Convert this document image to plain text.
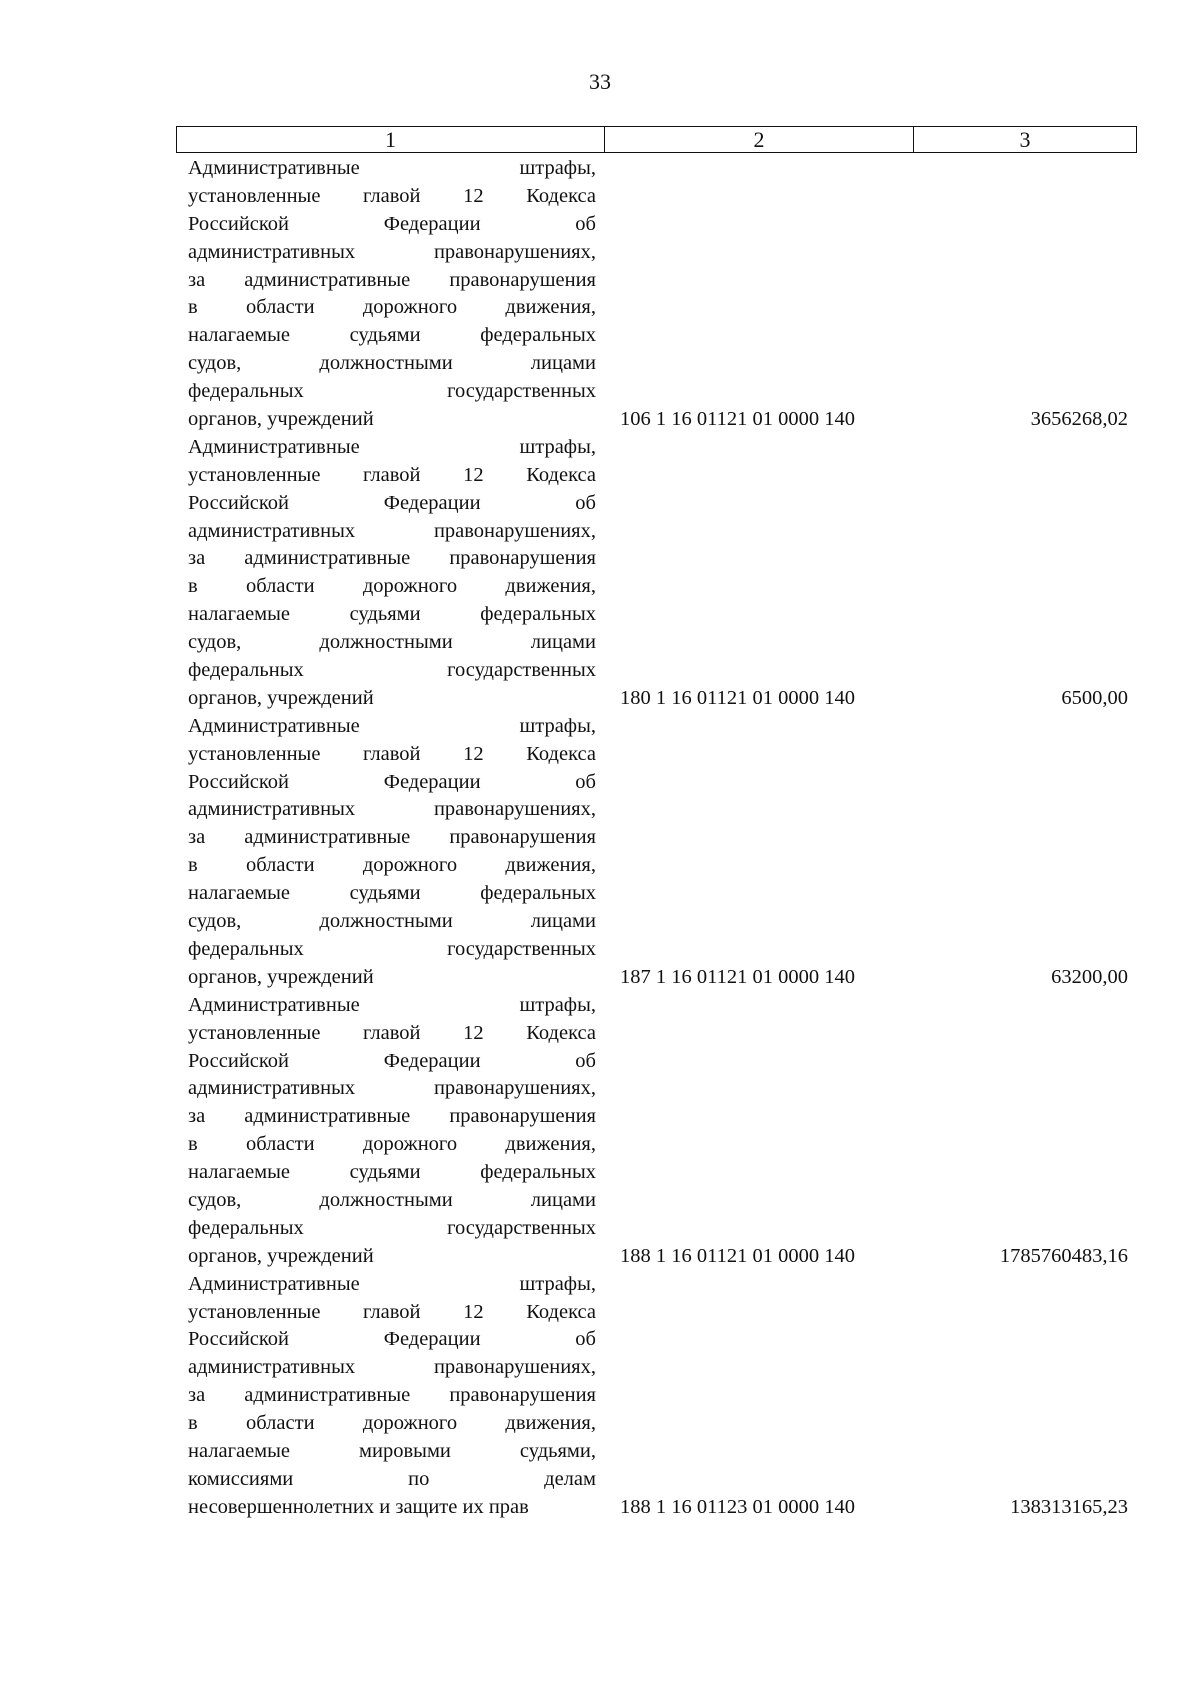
33
1	2	3
Административные	штрафы,
установленные главой 12 Кодекса
Российской	Федерации	об
административных	правонарушениях,
за административные правонарушения
в области дорожного движения,
налагаемые	судьями	федеральных
судов,	должностными	лицами
федеральных	государственных
органов, учреждений	106 1 16 01121 01 0000 140	3656268,02
Административные	штрафы,
установленные главой 12 Кодекса
Российской	Федерации	об
административных	правонарушениях,
за административные правонарушения
в области дорожного движения,
налагаемые	судьями	федеральных
судов,	должностными	лицами
федеральных	государственных
органов, учреждений	180 1 16 01121 01 0000 140	6500,00
Административные	штрафы,
установленные главой 12 Кодекса
Российской	Федерации	об
административных	правонарушениях,
за административные правонарушения
в области дорожного движения,
налагаемые	судьями	федеральных
судов,	должностными	лицами
федеральных	государственных
органов, учреждений	187 1 16 01121 01 0000 140	63200,00
Административные	штрафы,
установленные главой 12 Кодекса
Российской	Федерации	об
административных	правонарушениях,
за административные правонарушения
в области дорожного движения,
налагаемые	судьями	федеральных
судов,	должностными	лицами
федеральных	государственных
органов, учреждений	188 1 16 01121 01 0000 140	1785760483,16
Административные	штрафы,
установленные главой 12 Кодекса
Российской	Федерации	об
административных	правонарушениях,
за административные правонарушения
в области дорожного движения,
налагаемые	мировыми	судьями,
комиссиями	по	делам
несовершеннолетних и защите их прав	188 1 16 01123 01 0000 140	138313165,23
